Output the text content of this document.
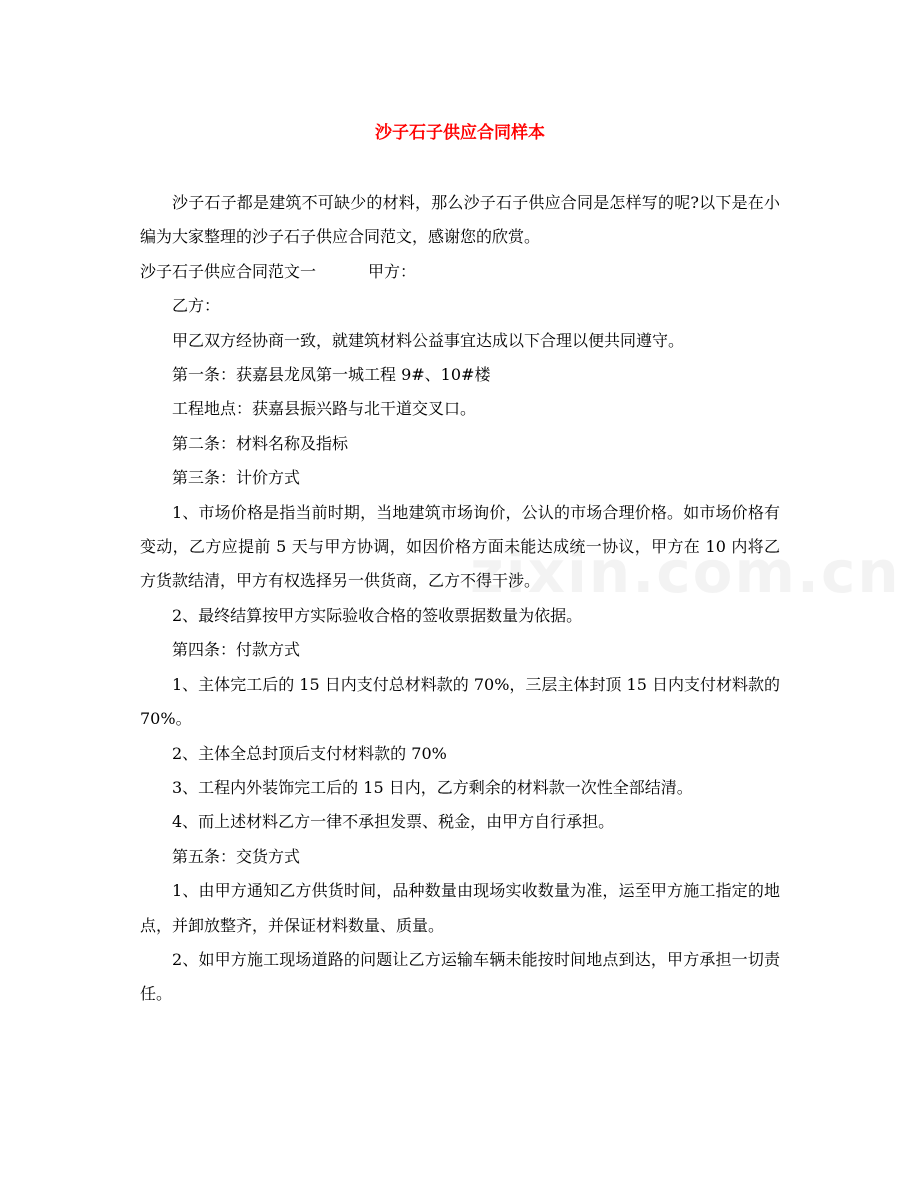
沙子石子供应合同样本

沙子石子都是建筑不可缺少的材料，那么沙子石子供应合同是怎样写的呢?以下是在小编为大家整理的沙子石子供应合同范文，感谢您的欣赏。

沙子石子供应合同范文一	甲方：

乙方：

甲乙双方经协商一致，就建筑材料公益事宜达成以下合理以便共同遵守。

第一条：获嘉县龙凤第一城工程 9#、10#楼

工程地点：获嘉县振兴路与北干道交叉口。

第二条：材料名称及指标

第三条：计价方式

1、市场价格是指当前时期，当地建筑市场询价，公认的市场合理价格。如市场价格有变动，乙方应提前 5 天与甲方协调，如因价格方面未能达成统一协议，甲方在 10 内将乙方货款结清，甲方有权选择另一供货商，乙方不得干涉。

2、最终结算按甲方实际验收合格的签收票据数量为依据。

第四条：付款方式

1、主体完工后的 15 日内支付总材料款的 70%，三层主体封顶 15 日内支付材料款的 70%。

2、主体全总封顶后支付材料款的 70%

3、工程内外装饰完工后的 15 日内，乙方剩余的材料款一次性全部结清。

4、而上述材料乙方一律不承担发票、税金，由甲方自行承担。

第五条：交货方式

1、由甲方通知乙方供货时间，品种数量由现场实收数量为准，运至甲方施工指定的地点，并卸放整齐，并保证材料数量、质量。

2、如甲方施工现场道路的问题让乙方运输车辆未能按时间地点到达，甲方承担一切责任。
